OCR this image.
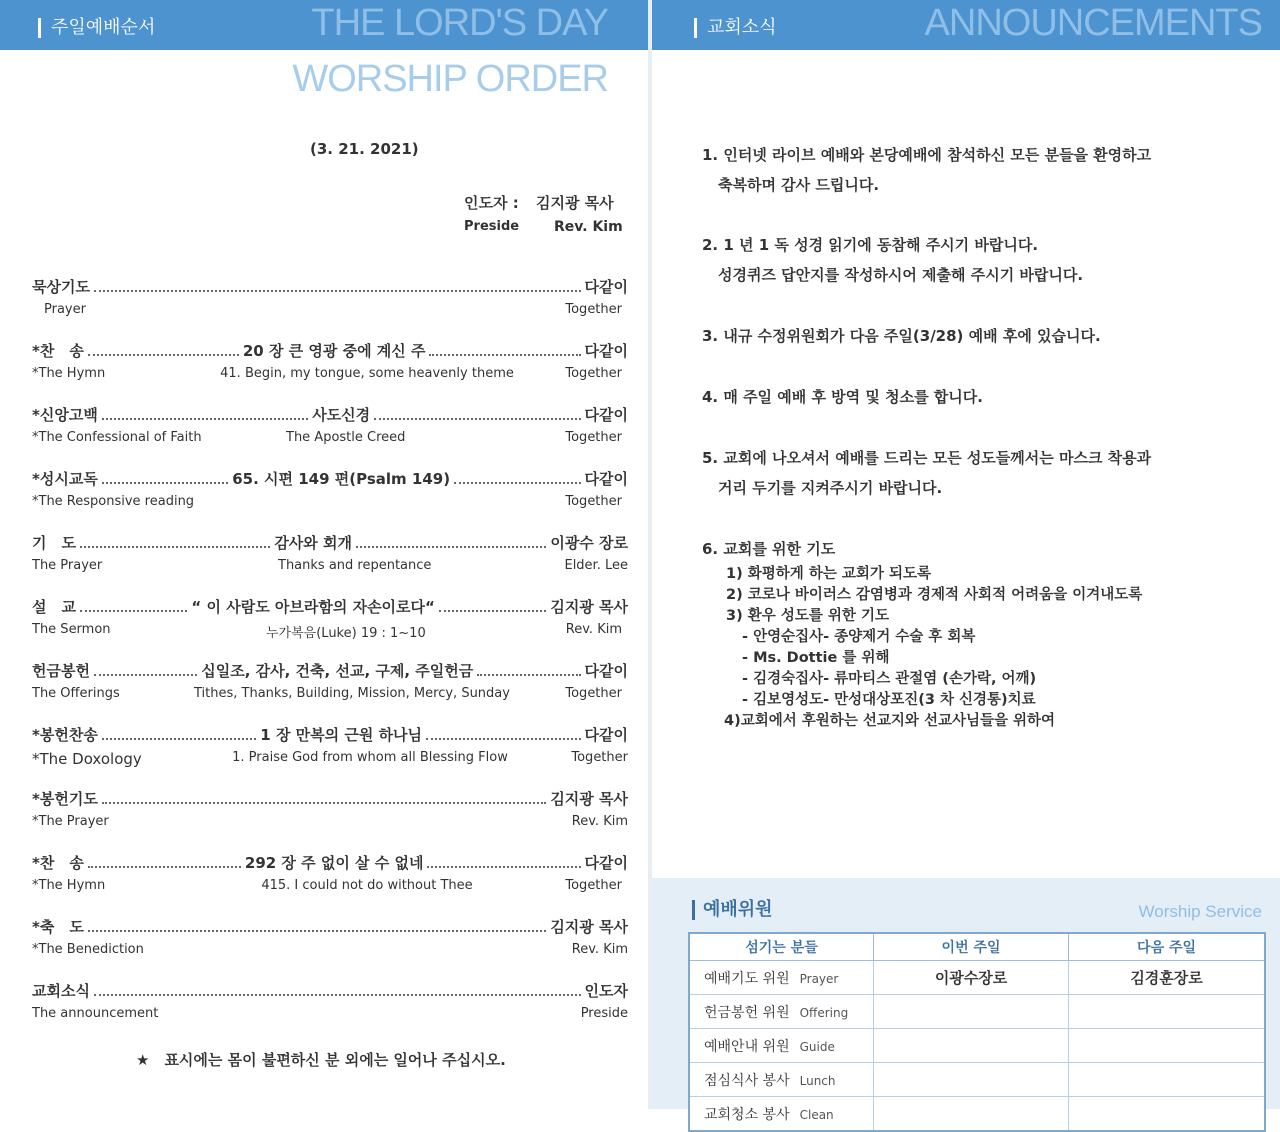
주일예배순서	THE LORD'S DAY
WORSHIP ORDER
(3. 21. 2021)
인도자 :	김지광 목사
Preside	Rev. Kim
묵상기도	다같이
Prayer	Together
*찬　송	20 장 큰 영광 중에 계신 주	다같이
*The Hymn	41. Begin, my tongue, some heavenly theme	Together
*신앙고백	사도신경	다같이
*The Confessional of Faith	The Apostle Creed	Together
*성시교독	65. 시편 149 편(Psalm 149)	다같이
*The Responsive reading	Together
기　도	감사와 회개	이광수 장로
The Prayer	Thanks and repentance	Elder. Lee
설　교	“ 이 사람도 아브라함의 자손이로다“	김지광 목사
The Sermon	누가복음(Luke) 19 : 1~10	Rev. Kim
헌금봉헌	십일조, 감사, 건축, 선교, 구제, 주일헌금	다같이
The Offerings	Tithes, Thanks, Building, Mission, Mercy, Sunday	Together
*봉헌찬송	1 장 만복의 근원 하나님	다같이
*The Doxology	1. Praise God from whom all Blessing Flow	Together
*봉헌기도	김지광 목사
*The Prayer	Rev. Kim
*찬　송	292 장 주 없이 살 수 없네	다같이
*The Hymn	415. I could not do without Thee	Together
*축　도	김지광 목사
*The Benediction	Rev. Kim
교회소식	인도자
The announcement	Preside
★　표시에는 몸이 불편하신 분 외에는 일어나 주십시오.
교회소식	ANNOUNCEMENTS
1. 인터넷 라이브 예배와 본당예배에 참석하신 모든 분들을 환영하고
축복하며 감사 드립니다.
2. 1 년 1 독 성경 읽기에 동참해 주시기 바랍니다.
성경퀴즈 답안지를 작성하시어 제출해 주시기 바랍니다.
3. 내규 수정위원회가 다음 주일(3/28) 예배 후에 있습니다.
4. 매 주일 예배 후 방역 및 청소를 합니다.
5. 교회에 나오셔서 예배를 드리는 모든 성도들께서는 마스크 착용과
거리 두기를 지켜주시기 바랍니다.
6. 교회를 위한 기도
1) 화평하게 하는 교회가 되도록
2) 코로나 바이러스 감염병과 경제적 사회적 어려움을 이겨내도록
3) 환우 성도를 위한 기도
- 안영순집사- 종양제거 수술 후 회복
- Ms. Dottie 를 위해
- 김경숙집사- 류마티스 관절염 (손가락, 어깨)
- 김보영성도- 만성대상포진(3 차 신경통)치료
4)교회에서 후원하는 선교지와 선교사님들을 위하여
예배위원	Worship Service
섬기는 분들	이번 주일	다음 주일
예배기도 위원 Prayer	이광수장로	김경훈장로
헌금봉헌 위원 Offering		
예배안내 위원 Guide		
점심식사 봉사 Lunch		
교회청소 봉사 Clean		
